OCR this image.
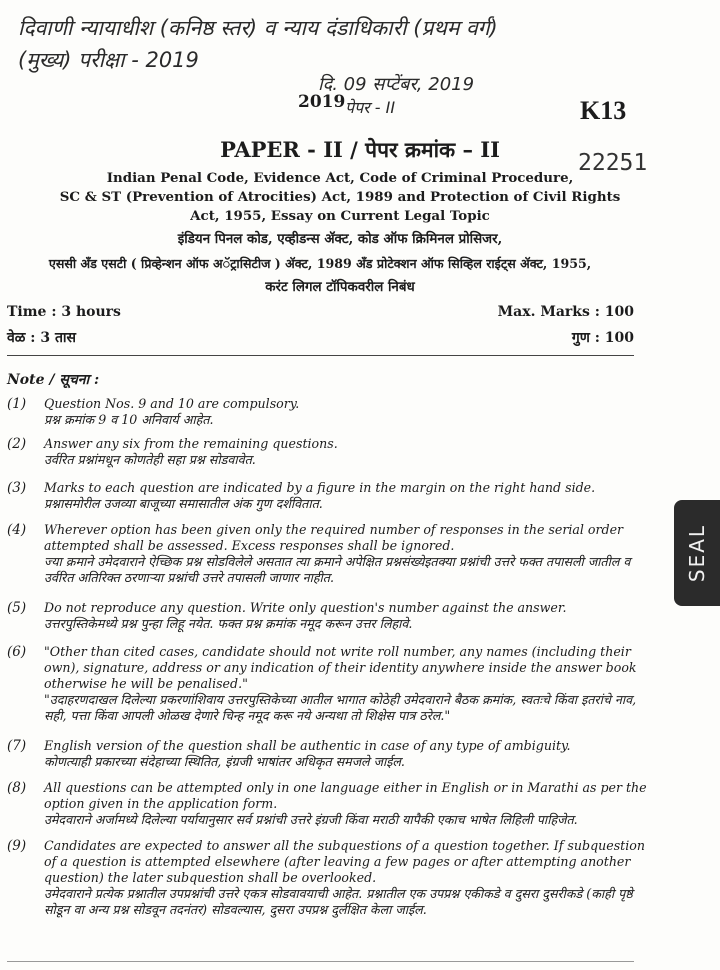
दिवाणी न्यायाधीश (कनिष्ठ स्तर) व न्याय दंडाधिकारी (प्रथम वर्ग)
(मुख्य) परीक्षा - 2019
दि. 09 सप्टेंबर, 2019
2019 पेपर - II	K13
22251
PAPER - II / पेपर क्रमांक – II
Indian Penal Code, Evidence Act, Code of Criminal Procedure,
SC & ST (Prevention of Atrocities) Act, 1989 and Protection of Civil Rights
Act, 1955, Essay on Current Legal Topic
इंडियन पिनल कोड, एव्हीडन्स ॲक्ट, कोड ऑफ क्रिमिनल प्रोसिजर,
एससी अँड एसटी ( प्रिव्हेन्शन ऑफ अॅट्रासिटीज ) ॲक्ट, 1989 अँड प्रोटेक्शन ऑफ सिव्हिल राईट्स ॲक्ट, 1955,
करंट लिगल टॉपिकवरील निबंध
Time : 3 hours	Max. Marks : 100
वेळ : 3 तास	गुण : 100
Note / सूचना :
(1) Question Nos. 9 and 10 are compulsory.
प्रश्न क्रमांक 9 व 10 अनिवार्य आहेत.
(2) Answer any six from the remaining questions.
उर्वरित प्रश्नांमधून कोणतेही सहा प्रश्न सोडवावेत.
(3) Marks to each question are indicated by a figure in the margin on the right hand side.
प्रश्नासमोरील उजव्या बाजूच्या समासातील अंक गुण दर्शवितात.
(4) Wherever option has been given only the required number of responses in the serial order attempted shall be assessed. Excess responses shall be ignored.
ज्या क्रमाने उमेदवाराने ऐच्छिक प्रश्न सोडविलेले असतात त्या क्रमाने अपेक्षित प्रश्नसंख्येइतक्या प्रश्नांची उत्तरे फक्त तपासली जातील व उर्वरित अतिरिक्त ठरणाऱ्या प्रश्नांची उत्तरे तपासली जाणार नाहीत.
(5) Do not reproduce any question. Write only question's number against the answer.
उत्तरपुस्तिकेमध्ये प्रश्न पुन्हा लिहू नयेत. फक्त प्रश्न क्रमांक नमूद करून उत्तर लिहावे.
(6) "Other than cited cases, candidate should not write roll number, any names (including their own), signature, address or any indication of their identity anywhere inside the answer book otherwise he will be penalised."
"उदाहरणदाखल दिलेल्या प्रकरणांशिवाय उत्तरपुस्तिकेच्या आतील भागात कोठेही उमेदवाराने बैठक क्रमांक, स्वतःचे किंवा इतरांचे नाव, सही, पत्ता किंवा आपली ओळख देणारे चिन्ह नमूद करू नये अन्यथा तो शिक्षेस पात्र ठरेल."
(7) English version of the question shall be authentic in case of any type of ambiguity.
कोणत्याही प्रकारच्या संदेहाच्या स्थितित, इंग्रजी भाषांतर अधिकृत समजले जाईल.
(8) All questions can be attempted only in one language either in English or in Marathi as per the option given in the application form.
उमेदवाराने अर्जामध्ये दिलेल्या पर्यायानुसार सर्व प्रश्नांची उत्तरे इंग्रजी किंवा मराठी यापैकी एकाच भाषेत लिहिली पाहिजेत.
(9) Candidates are expected to answer all the subquestions of a question together. If subquestion of a question is attempted elsewhere (after leaving a few pages or after attempting another question) the later subquestion shall be overlooked.
उमेदवाराने प्रत्येक प्रश्नातील उपप्रश्नांची उत्तरे एकत्र सोडवावयाची आहेत. प्रश्नातील एक उपप्रश्न एकीकडे व दुसरा दुसरीकडे (काही पृष्ठे सोडून वा अन्य प्रश्न सोडवून तदनंतर) सोडवल्यास, दुसरा उपप्रश्न दुर्लक्षित केला जाईल.
SEAL
